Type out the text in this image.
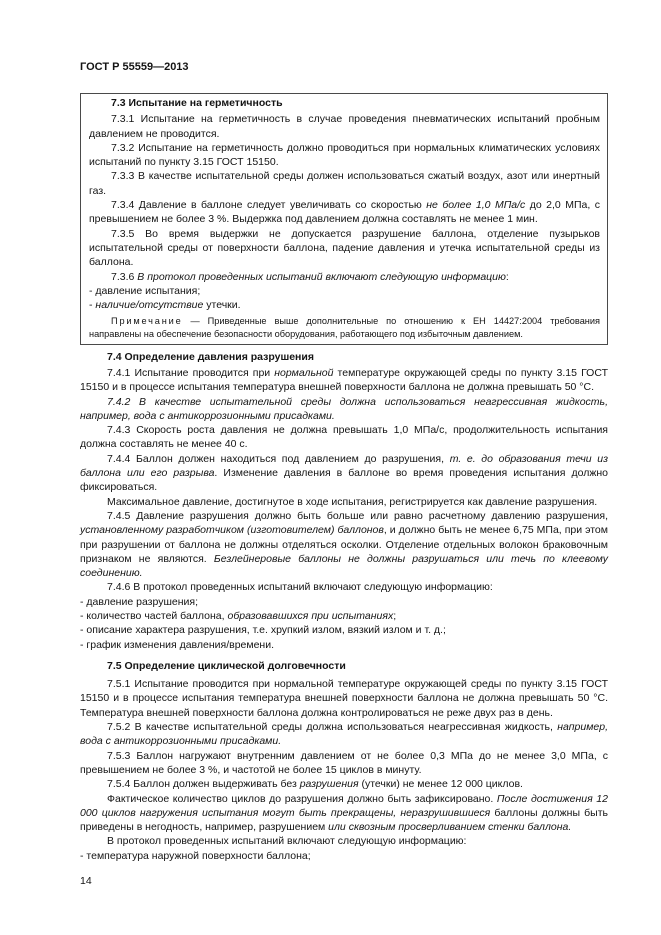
ГОСТ Р 55559—2013
7.3 Испытание на герметичность

7.3.1 Испытание на герметичность в случае проведения пневматических испытаний пробным давлением не проводится.

7.3.2 Испытание на герметичность должно проводиться при нормальных климатических условиях испытаний по пункту 3.15 ГОСТ 15150.

7.3.3 В качестве испытательной среды должен использоваться сжатый воздух, азот или инертный газ.

7.3.4 Давление в баллоне следует увеличивать со скоростью не более 1,0 МПа/с до 2,0 МПа, с превышением не более 3 %. Выдержка под давлением должна составлять не менее 1 мин.

7.3.5 Во время выдержки не допускается разрушение баллона, отделение пузырьков испытательной среды от поверхности баллона, падение давления и утечка испытательной среды из баллона.

7.3.6 В протокол проведенных испытаний включают следующую информацию:

- давление испытания;

- наличие/отсутствие утечки.

Примечание — Приведенные выше дополнительные по отношению к ЕН 14427:2004 требования направлены на обеспечение безопасности оборудования, работающего под избыточным давлением.
7.4 Определение давления разрушения

7.4.1 Испытание проводится при нормальной температуре окружающей среды по пункту 3.15 ГОСТ 15150 и в процессе испытания температура внешней поверхности баллона не должна превышать 50 °С.

7.4.2 В качестве испытательной среды должна использоваться неагрессивная жидкость, например, вода с антикоррозионными присадками.

7.4.3 Скорость роста давления не должна превышать 1,0 МПа/с, продолжительность испытания должна составлять не менее 40 с.

7.4.4 Баллон должен находиться под давлением до разрушения, т. е. до образования течи из баллона или его разрыва. Изменение давления в баллоне во время проведения испытания должно фиксироваться.

Максимальное давление, достигнутое в ходе испытания, регистрируется как давление разрушения.

7.4.5 Давление разрушения должно быть больше или равно расчетному давлению разрушения, установленному разработчиком (изготовителем) баллонов, и должно быть не менее 6,75 МПа, при этом при разрушении от баллона не должны отделяться осколки. Отделение отдельных волокон браковочным признаком не являются. Безлейнеровые баллоны не должны разрушаться или течь по клеевому соединению.

7.4.6 В протокол проведенных испытаний включают следующую информацию:

- давление разрушения;

- количество частей баллона, образовавшихся при испытаниях;

- описание характера разрушения, т.е. хрупкий излом, вязкий излом и т. д.;

- график изменения давления/времени.

7.5 Определение циклической долговечности

7.5.1 Испытание проводится при нормальной температуре окружающей среды по пункту 3.15 ГОСТ 15150 и в процессе испытания температура внешней поверхности баллона не должна превышать 50 °С. Температура внешней поверхности баллона должна контролироваться не реже двух раз в день.

7.5.2 В качестве испытательной среды должна использоваться неагрессивная жидкость, например, вода с антикоррозионными присадками.

7.5.3 Баллон нагружают внутренним давлением от не более 0,3 МПа до не менее 3,0 МПа, с превышением не более 3 %, и частотой не более 15 циклов в минуту.

7.5.4 Баллон должен выдерживать без разрушения (утечки) не менее 12 000 циклов.

Фактическое количество циклов до разрушения должно быть зафиксировано. После достижения 12 000 циклов нагружения испытания могут быть прекращены, неразрушившиеся баллоны должны быть приведены в негодность, например, разрушением или сквозным просверливанием стенки баллона.

В протокол проведенных испытаний включают следующую информацию:

- температура наружной поверхности баллона;

14
